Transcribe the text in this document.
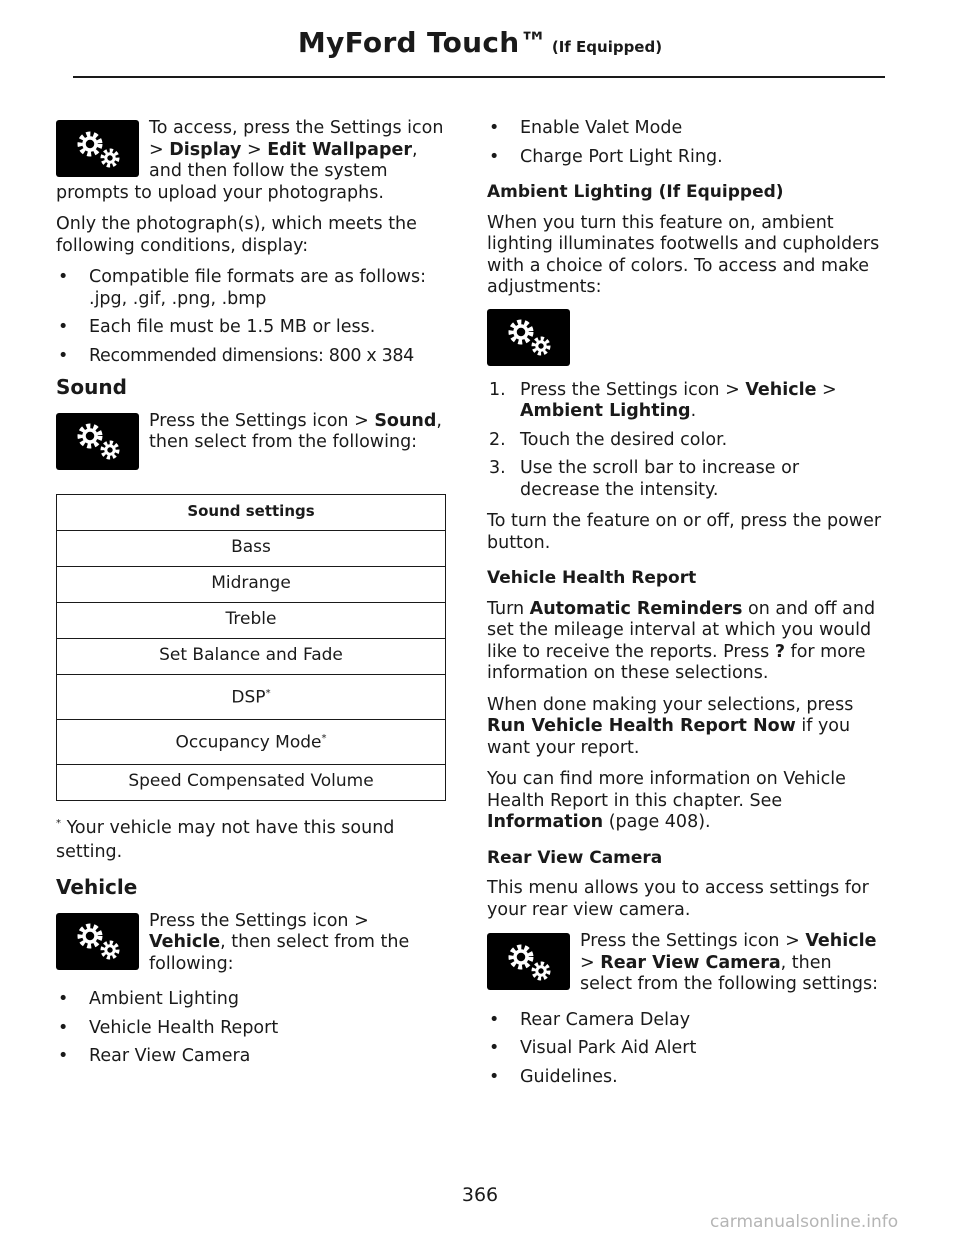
MyFord Touch™ (If Equipped)

To access, press the Settings icon > Display > Edit Wallpaper, and then follow the system prompts to upload your photographs.

Only the photograph(s), which meets the following conditions, display:

• Compatible file formats are as follows: .jpg, .gif, .png, .bmp
• Each file must be 1.5 MB or less.
• Recommended dimensions: 800 x 384
Sound

Press the Settings icon > Sound, then select from the following:

Sound settings
Bass
Midrange
Treble
Set Balance and Fade
DSP*
Occupancy Mode*
Speed Compensated Volume

* Your vehicle may not have this sound setting.

Vehicle

Press the Settings icon > Vehicle, then select from the following:

• Ambient Lighting
• Vehicle Health Report
• Rear View Camera
• Enable Valet Mode
• Charge Port Light Ring.
Ambient Lighting (If Equipped)

When you turn this feature on, ambient lighting illuminates footwells and cupholders with a choice of colors. To access and make adjustments:

1. Press the Settings icon > Vehicle > Ambient Lighting.
2. Touch the desired color.
3. Use the scroll bar to increase or decrease the intensity.

To turn the feature on or off, press the power button.

Vehicle Health Report

Turn Automatic Reminders on and off and set the mileage interval at which you would like to receive the reports. Press ? for more information on these selections.

When done making your selections, press Run Vehicle Health Report Now if you want your report.

You can find more information on Vehicle Health Report in this chapter. See Information (page 408).

Rear View Camera

This menu allows you to access settings for your rear view camera.

Press the Settings icon > Vehicle > Rear View Camera, then select from the following settings:

• Rear Camera Delay
• Visual Park Aid Alert
• Guidelines.
366
carmanualsonline.info
